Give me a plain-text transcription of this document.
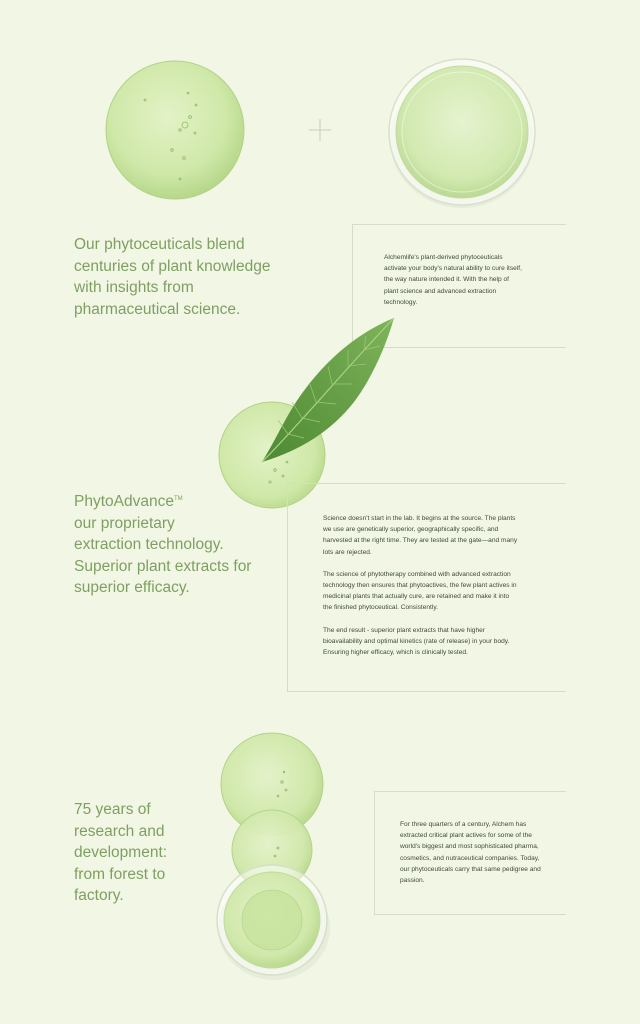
Our phytoceuticals blend

centuries of plant knowledge

with insights from

pharmaceutical science.

Alchemlife's plant-derived phytoceuticals

activate your body's natural ability to cure itself,

the way nature intended it. With the help of

plant science and advanced extraction

technology.

PhytoAdvance™

our proprietary

extraction technology.

Superior plant extracts for

superior efficacy.

Science doesn't start in the lab. It begins at the source. The plants

we use are genetically superior, geographically specific, and

harvested at the right time. They are tested at the gate—and many

lots are rejected.

The science of phytotherapy combined with advanced extraction

technology then ensures that phytoactives, the few plant actives in

medicinal plants that actually cure, are retained and make it into

the finished phytoceutical. Consistently.

The end result - superior plant extracts that have higher

bioavailability and optimal kinetics (rate of release) in your body.

Ensuring higher efficacy, which is clinically tested.

75 years of

research and

development:

from forest to

factory.

For three quarters of a century, Alchem has

extracted critical plant actives for some of the

world's biggest and most sophisticated pharma,

cosmetics, and nutraceutical companies. Today,

our phytoceuticals carry that same pedigree and

passion.
